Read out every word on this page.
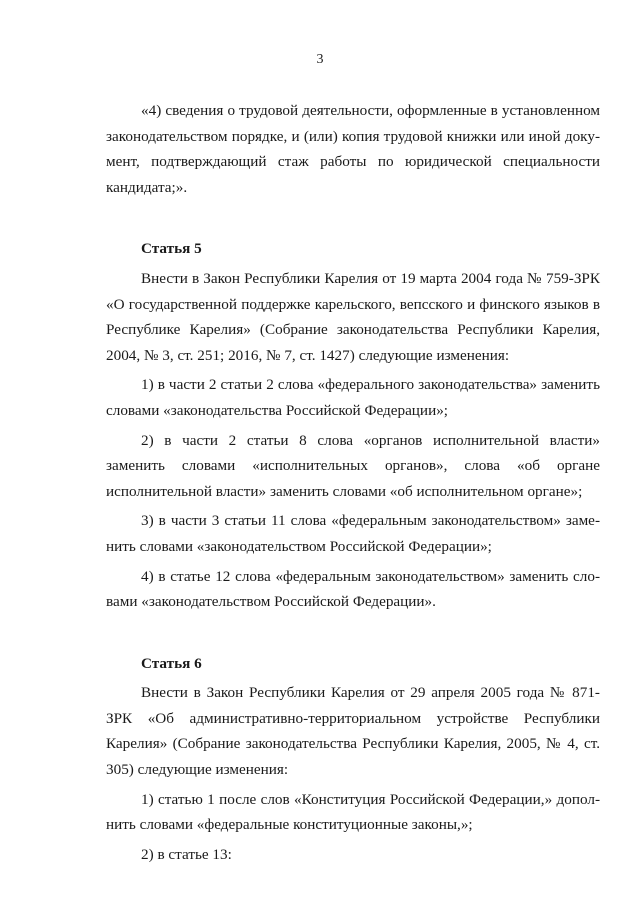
3

«4) сведения о трудовой деятельности, оформленные в установленном законодательством порядке, и (или) копия трудовой книжки или иной документ, подтверждающий стаж работы по юридической специальности кандидата;».

Статья 5

Внести в Закон Республики Карелия от 19 марта 2004 года № 759-ЗРК «О государственной поддержке карельского, вепсского и финского языков в Республике Карелия» (Собрание законодательства Республики Карелия, 2004, № 3, ст. 251; 2016, № 7, ст. 1427) следующие изменения:

1) в части 2 статьи 2 слова «федерального законодательства» заменить словами «законодательства Российской Федерации»;

2) в части 2 статьи 8 слова «органов исполнительной власти» заменить словами «исполнительных органов», слова «об органе исполнительной власти» заменить словами «об исполнительном органе»;

3) в части 3 статьи 11 слова «федеральным законодательством» заменить словами «законодательством Российской Федерации»;

4) в статье 12 слова «федеральным законодательством» заменить словами «законодательством Российской Федерации».

Статья 6

Внести в Закон Республики Карелия от 29 апреля 2005 года № 871-ЗРК «Об административно-территориальном устройстве Республики Карелия» (Собрание законодательства Республики Карелия, 2005, № 4, ст. 305) следующие изменения:

1) статью 1 после слов «Конституция Российской Федерации,» дополнить словами «федеральные конституционные законы,»;

2) в статье 13:
